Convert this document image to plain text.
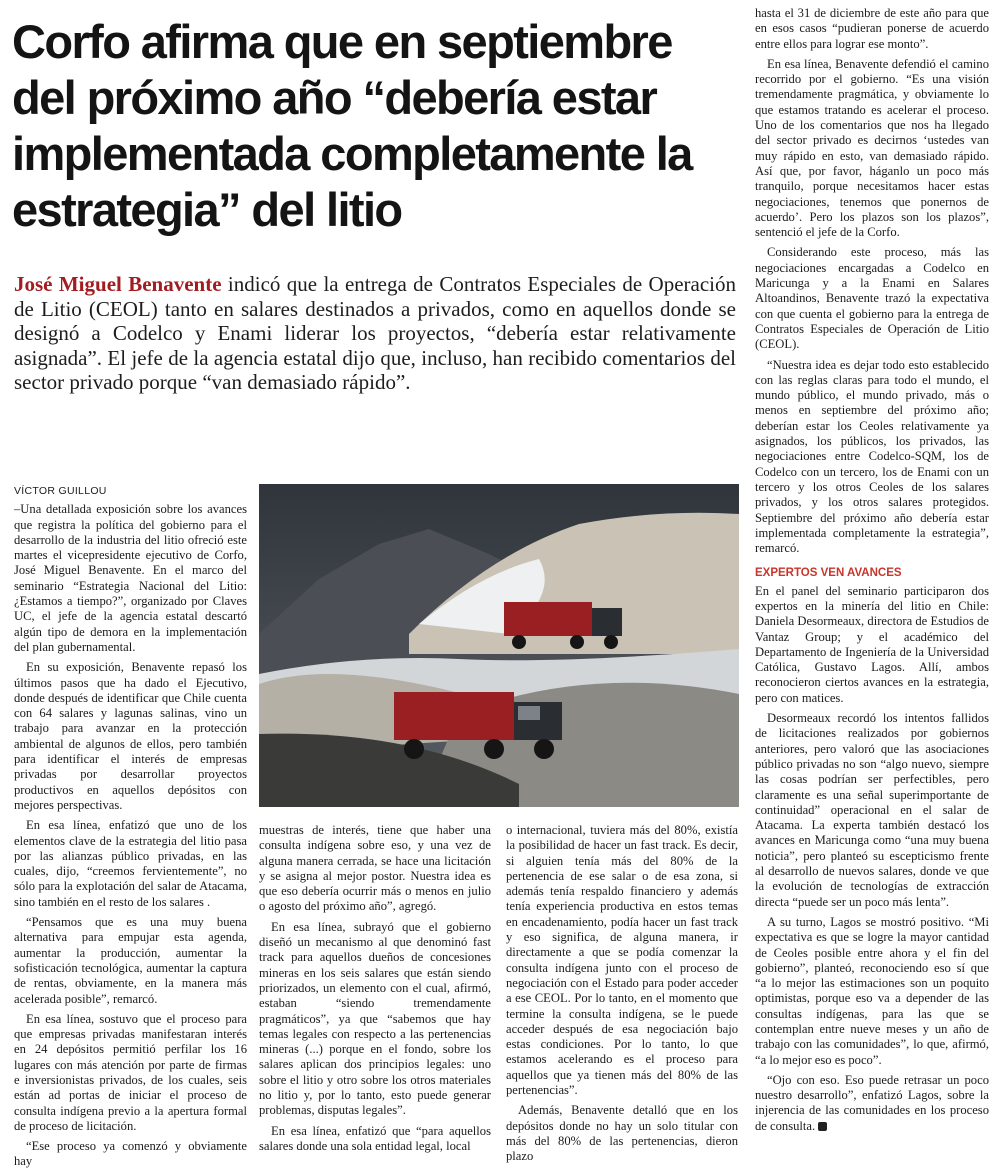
Corfo afirma que en septiembre del próximo año “debería estar implementada completamente la estrategia” del litio

José Miguel Benavente indicó que la entrega de Contratos Especiales de Operación de Litio (CEOL) tanto en salares destinados a privados, como en aquellos donde se designó a Codelco y Enami liderar los proyectos, “debería estar relativamente asignada”. El jefe de la agencia estatal dijo que, incluso, han recibido comentarios del sector privado porque “van demasiado rápido”.

hasta el 31 de diciembre de este año para que en esos casos “pudieran ponerse de acuerdo entre ellos para lograr ese monto”.

En esa línea, Benavente defendió el camino recorrido por el gobierno. “Es una visión tremendamente pragmática, y obviamente lo que estamos tratando es acelerar el proceso. Uno de los comentarios que nos ha llegado del sector privado es decirnos ‘ustedes van muy rápido en esto, van demasiado rápido. Así que, por favor, háganlo un poco más tranquilo, porque necesitamos hacer estas negociaciones, tenemos que ponernos de acuerdo’. Pero los plazos son los plazos”, sentenció el jefe de la Corfo.

Considerando este proceso, más las negociaciones encargadas a Codelco en Maricunga y a la Enami en Salares Altoandinos, Benavente trazó la expectativa con que cuenta el gobierno para la entrega de Contratos Especiales de Operación de Litio (CEOL).

“Nuestra idea es dejar todo esto establecido con las reglas claras para todo el mundo, el mundo público, el mundo privado, más o menos en septiembre del próximo año; deberían estar los Ceoles relativamente ya asignados, los públicos, los privados, las negociaciones entre Codelco-SQM, los de Codelco con un tercero, los de Enami con un tercero y los otros Ceoles de los salares privados, y los otros salares protegidos. Septiembre del próximo año debería estar implementada completamente la estrategia”, remarcó.

EXPERTOS VEN AVANCES

En el panel del seminario participaron dos expertos en la minería del litio en Chile: Daniela Desormeaux, directora de Estudios de Vantaz Group; y el académico del Departamento de Ingeniería de la Universidad Católica, Gustavo Lagos. Allí, ambos reconocieron ciertos avances en la estrategia, pero con matices.

Desormeaux recordó los intentos fallidos de licitaciones realizados por gobiernos anteriores, pero valoró que las asociaciones público privadas no son “algo nuevo, siempre las cosas podrían ser perfectibles, pero claramente es una señal superimportante de continuidad” operacional en el salar de Atacama. La experta también destacó los avances en Maricunga como “una muy buena noticia”, pero planteó su escepticismo frente al desarrollo de nuevos salares, donde ve que la evolución de tecnologías de extracción directa “puede ser un poco más lenta”.

A su turno, Lagos se mostró positivo. “Mi expectativa es que se logre la mayor cantidad de Ceoles posible entre ahora y el fin del gobierno”, planteó, reconociendo eso sí que “a lo mejor las estimaciones son un poquito optimistas, porque eso va a depender de las consultas indígenas, para las que se contemplan entre nueve meses y un año de trabajo con las comunidades”, lo que, afirmó, “a lo mejor eso es poco”.

“Ojo con eso. Eso puede retrasar un poco nuestro desarrollo”, enfatizó Lagos, sobre la injerencia de las comunidades en los proceso de consulta.

VÍCTOR GUILLOU

–Una detallada exposición sobre los avances que registra la política del gobierno para el desarrollo de la industria del litio ofreció este martes el vicepresidente ejecutivo de Corfo, José Miguel Benavente. En el marco del seminario “Estrategia Nacional del Litio: ¿Estamos a tiempo?”, organizado por Claves UC, el jefe de la agencia estatal descartó algún tipo de demora en la implementación del plan gubernamental.

En su exposición, Benavente repasó los últimos pasos que ha dado el Ejecutivo, donde después de identificar que Chile cuenta con 64 salares y lagunas salinas, vino un trabajo para avanzar en la protección ambiental de algunos de ellos, pero también para identificar el interés de empresas privadas por desarrollar proyectos productivos en aquellos depósitos con mejores perspectivas.

En esa línea, enfatizó que uno de los elementos clave de la estrategia del litio pasa por las alianzas público privadas, en las cuales, dijo, “creemos fervientemente”, no sólo para la explotación del salar de Atacama, sino también en el resto de los salares .

“Pensamos que es una muy buena alternativa para empujar esta agenda, aumentar la producción, aumentar la sofisticación tecnológica, aumentar la captura de rentas, obviamente, en la manera más acelerada posible”, remarcó.

En esa línea, sostuvo que el proceso para que empresas privadas manifestaran interés en 24 depósitos permitió perfilar los 16 lugares con más atención por parte de firmas e inversionistas privados, de los cuales, seis están ad portas de iniciar el proceso de consulta indígena previo a la apertura formal de proceso de licitación.

“Ese proceso ya comenzó y obviamente hay

muestras de interés, tiene que haber una consulta indígena sobre eso, y una vez de alguna manera cerrada, se hace una licitación y se asigna al mejor postor. Nuestra idea es que eso debería ocurrir más o menos en julio o agosto del próximo año”, agregó.

En esa línea, subrayó que el gobierno diseñó un mecanismo al que denominó fast track para aquellos dueños de concesiones mineras en los seis salares que están siendo priorizados, un elemento con el cual, afirmó, estaban “siendo tremendamente pragmáticos”, ya que “sabemos que hay temas legales con respecto a las pertenencias mineras (...) porque en el fondo, sobre los salares aplican dos principios legales: uno sobre el litio y otro sobre los otros materiales no litio y, por lo tanto, esto puede generar problemas, disputas legales”.

En esa línea, enfatizó que “para aquellos salares donde una sola entidad legal, local

o internacional, tuviera más del 80%, existía la posibilidad de hacer un fast track. Es decir, si alguien tenía más del 80% de la pertenencia de ese salar o de esa zona, si además tenía respaldo financiero y además tenía experiencia productiva en estos temas en encadenamiento, podía hacer un fast track y eso significa, de alguna manera, ir directamente a que se podía comenzar la consulta indígena junto con el proceso de negociación con el Estado para poder acceder a ese CEOL. Por lo tanto, en el momento que termine la consulta indígena, se le puede acceder después de esa negociación bajo estas condiciones. Por lo tanto, lo que estamos acelerando es el proceso para aquellos que ya tienen más del 80% de las pertenencias”.

Además, Benavente detalló que en los depósitos donde no hay un solo titular con más del 80% de las pertenencias, dieron plazo
